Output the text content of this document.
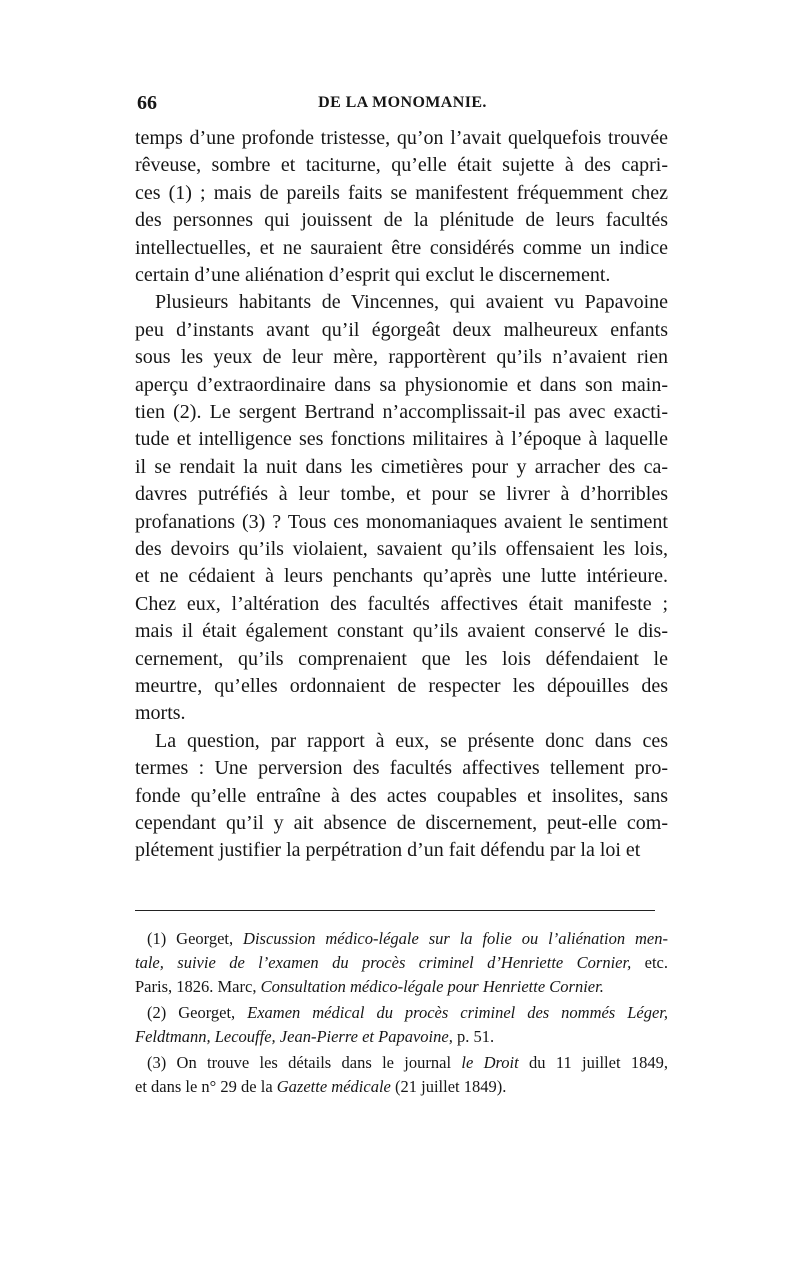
66	DE LA MONOMANIE.
temps d’une profonde tristesse, qu’on l’avait quelquefois trouvée
rêveuse, sombre et taciturne, qu’elle était sujette à des capri-
ces (1) ; mais de pareils faits se manifestent fréquemment chez
des personnes qui jouissent de la plénitude de leurs facultés
intellectuelles, et ne sauraient être considérés comme un indice
certain d’une aliénation d’esprit qui exclut le discernement.
Plusieurs habitants de Vincennes, qui avaient vu Papavoine
peu d’instants avant qu’il égorgeât deux malheureux enfants
sous les yeux de leur mère, rapportèrent qu’ils n’avaient rien
aperçu d’extraordinaire dans sa physionomie et dans son main-
tien (2). Le sergent Bertrand n’accomplissait-il pas avec exacti-
tude et intelligence ses fonctions militaires à l’époque à laquelle
il se rendait la nuit dans les cimetières pour y arracher des ca-
davres putréfiés à leur tombe, et pour se livrer à d’horribles
profanations (3) ? Tous ces monomaniaques avaient le sentiment
des devoirs qu’ils violaient, savaient qu’ils offensaient les lois,
et ne cédaient à leurs penchants qu’après une lutte intérieure.
Chez eux, l’altération des facultés affectives était manifeste ;
mais il était également constant qu’ils avaient conservé le dis-
cernement, qu’ils comprenaient que les lois défendaient le
meurtre, qu’elles ordonnaient de respecter les dépouilles des
morts.
La question, par rapport à eux, se présente donc dans ces
termes : Une perversion des facultés affectives tellement pro-
fonde qu’elle entraîne à des actes coupables et insolites, sans
cependant qu’il y ait absence de discernement, peut-elle com-
plétement justifier la perpétration d’un fait défendu par la loi et
(1) Georget, Discussion médico-légale sur la folie ou l’aliénation men-
tale, suivie de l’examen du procès criminel d’Henriette Cornier, etc.
Paris, 1826. Marc, Consultation médico-légale pour Henriette Cornier.
(2) Georget, Examen médical du procès criminel des nommés Léger,
Feldtmann, Lecouffe, Jean-Pierre et Papavoine, p. 51.
(3) On trouve les détails dans le journal le Droit du 11 juillet 1849,
et dans le n° 29 de la Gazette médicale (21 juillet 1849).
